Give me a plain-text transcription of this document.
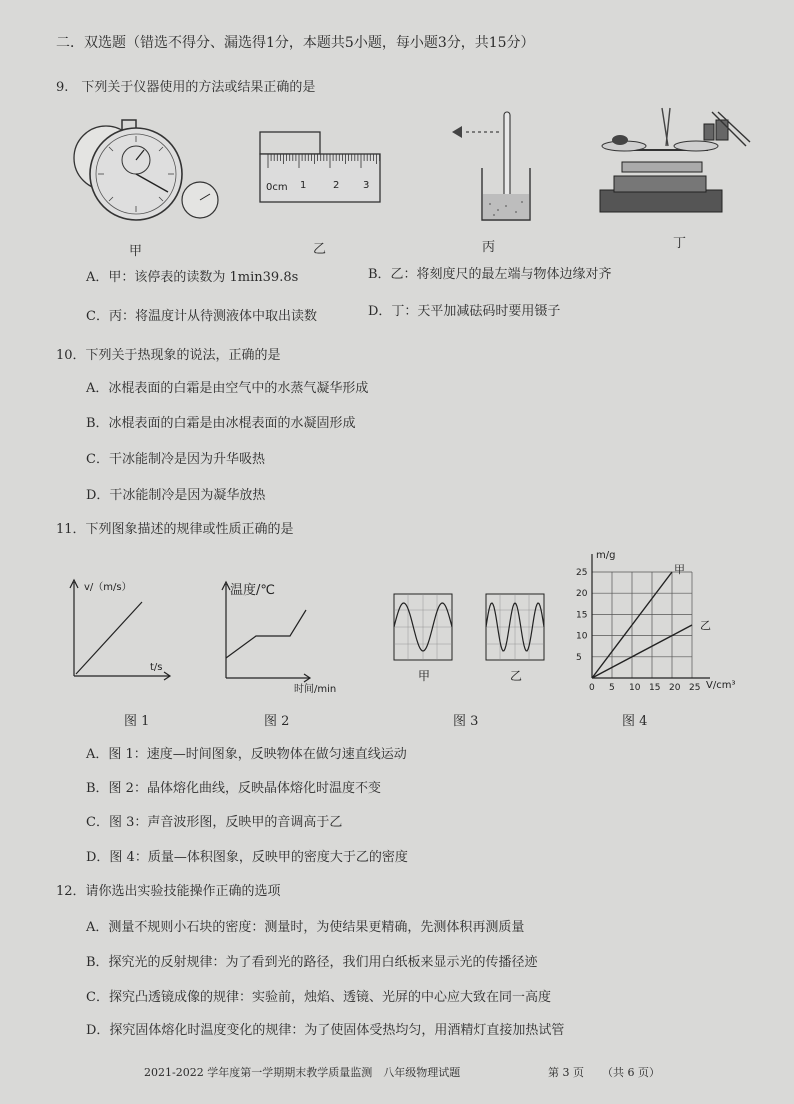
二．双选题（错选不得分、漏选得1分，本题共5小题，每小题3分，共15分）
9.　下列关于仪器使用的方法或结果正确的是
甲
0cm 1	2 3
乙	丙	丁
A．甲：该停表的读数为 1min39.8s	B．乙：将刻度尺的最左端与物体边缘对齐
C．丙：将温度计从待测液体中取出读数	D．丁：天平加减砝码时要用镊子
10．下列关于热现象的说法，正确的是
A．冰棍表面的白霜是由空气中的水蒸气凝华形成
B．冰棍表面的白霜是由冰棍表面的水凝固形成
C．干冰能制冷是因为升华吸热
D．干冰能制冷是因为凝华放热
11．下列图象描述的规律或性质正确的是
v/（m/s）
t/s
图 1
温度/℃
时间/min
图 2
甲	乙
图 3
0 5 10 15 20 25
5
10
15
20
25
m/g
V/cm³
甲
乙
图 4
A．图 1：速度—时间图象，反映物体在做匀速直线运动
B．图 2：晶体熔化曲线，反映晶体熔化时温度不变
C．图 3：声音波形图，反映甲的音调高于乙
D．图 4：质量—体积图象，反映甲的密度大于乙的密度
12．请你选出实验技能操作正确的选项
A．测量不规则小石块的密度：测量时，为使结果更精确，先测体积再测质量
B．探究光的反射规律：为了看到光的路径，我们用白纸板来显示光的传播径迹
C．探究凸透镜成像的规律：实验前，烛焰、透镜、光屏的中心应大致在同一高度
D．探究固体熔化时温度变化的规律：为了使固体受热均匀，用酒精灯直接加热试管
2021-2022 学年度第一学期期末教学质量监测　八年级物理试题	第 3 页 （共 6 页）
